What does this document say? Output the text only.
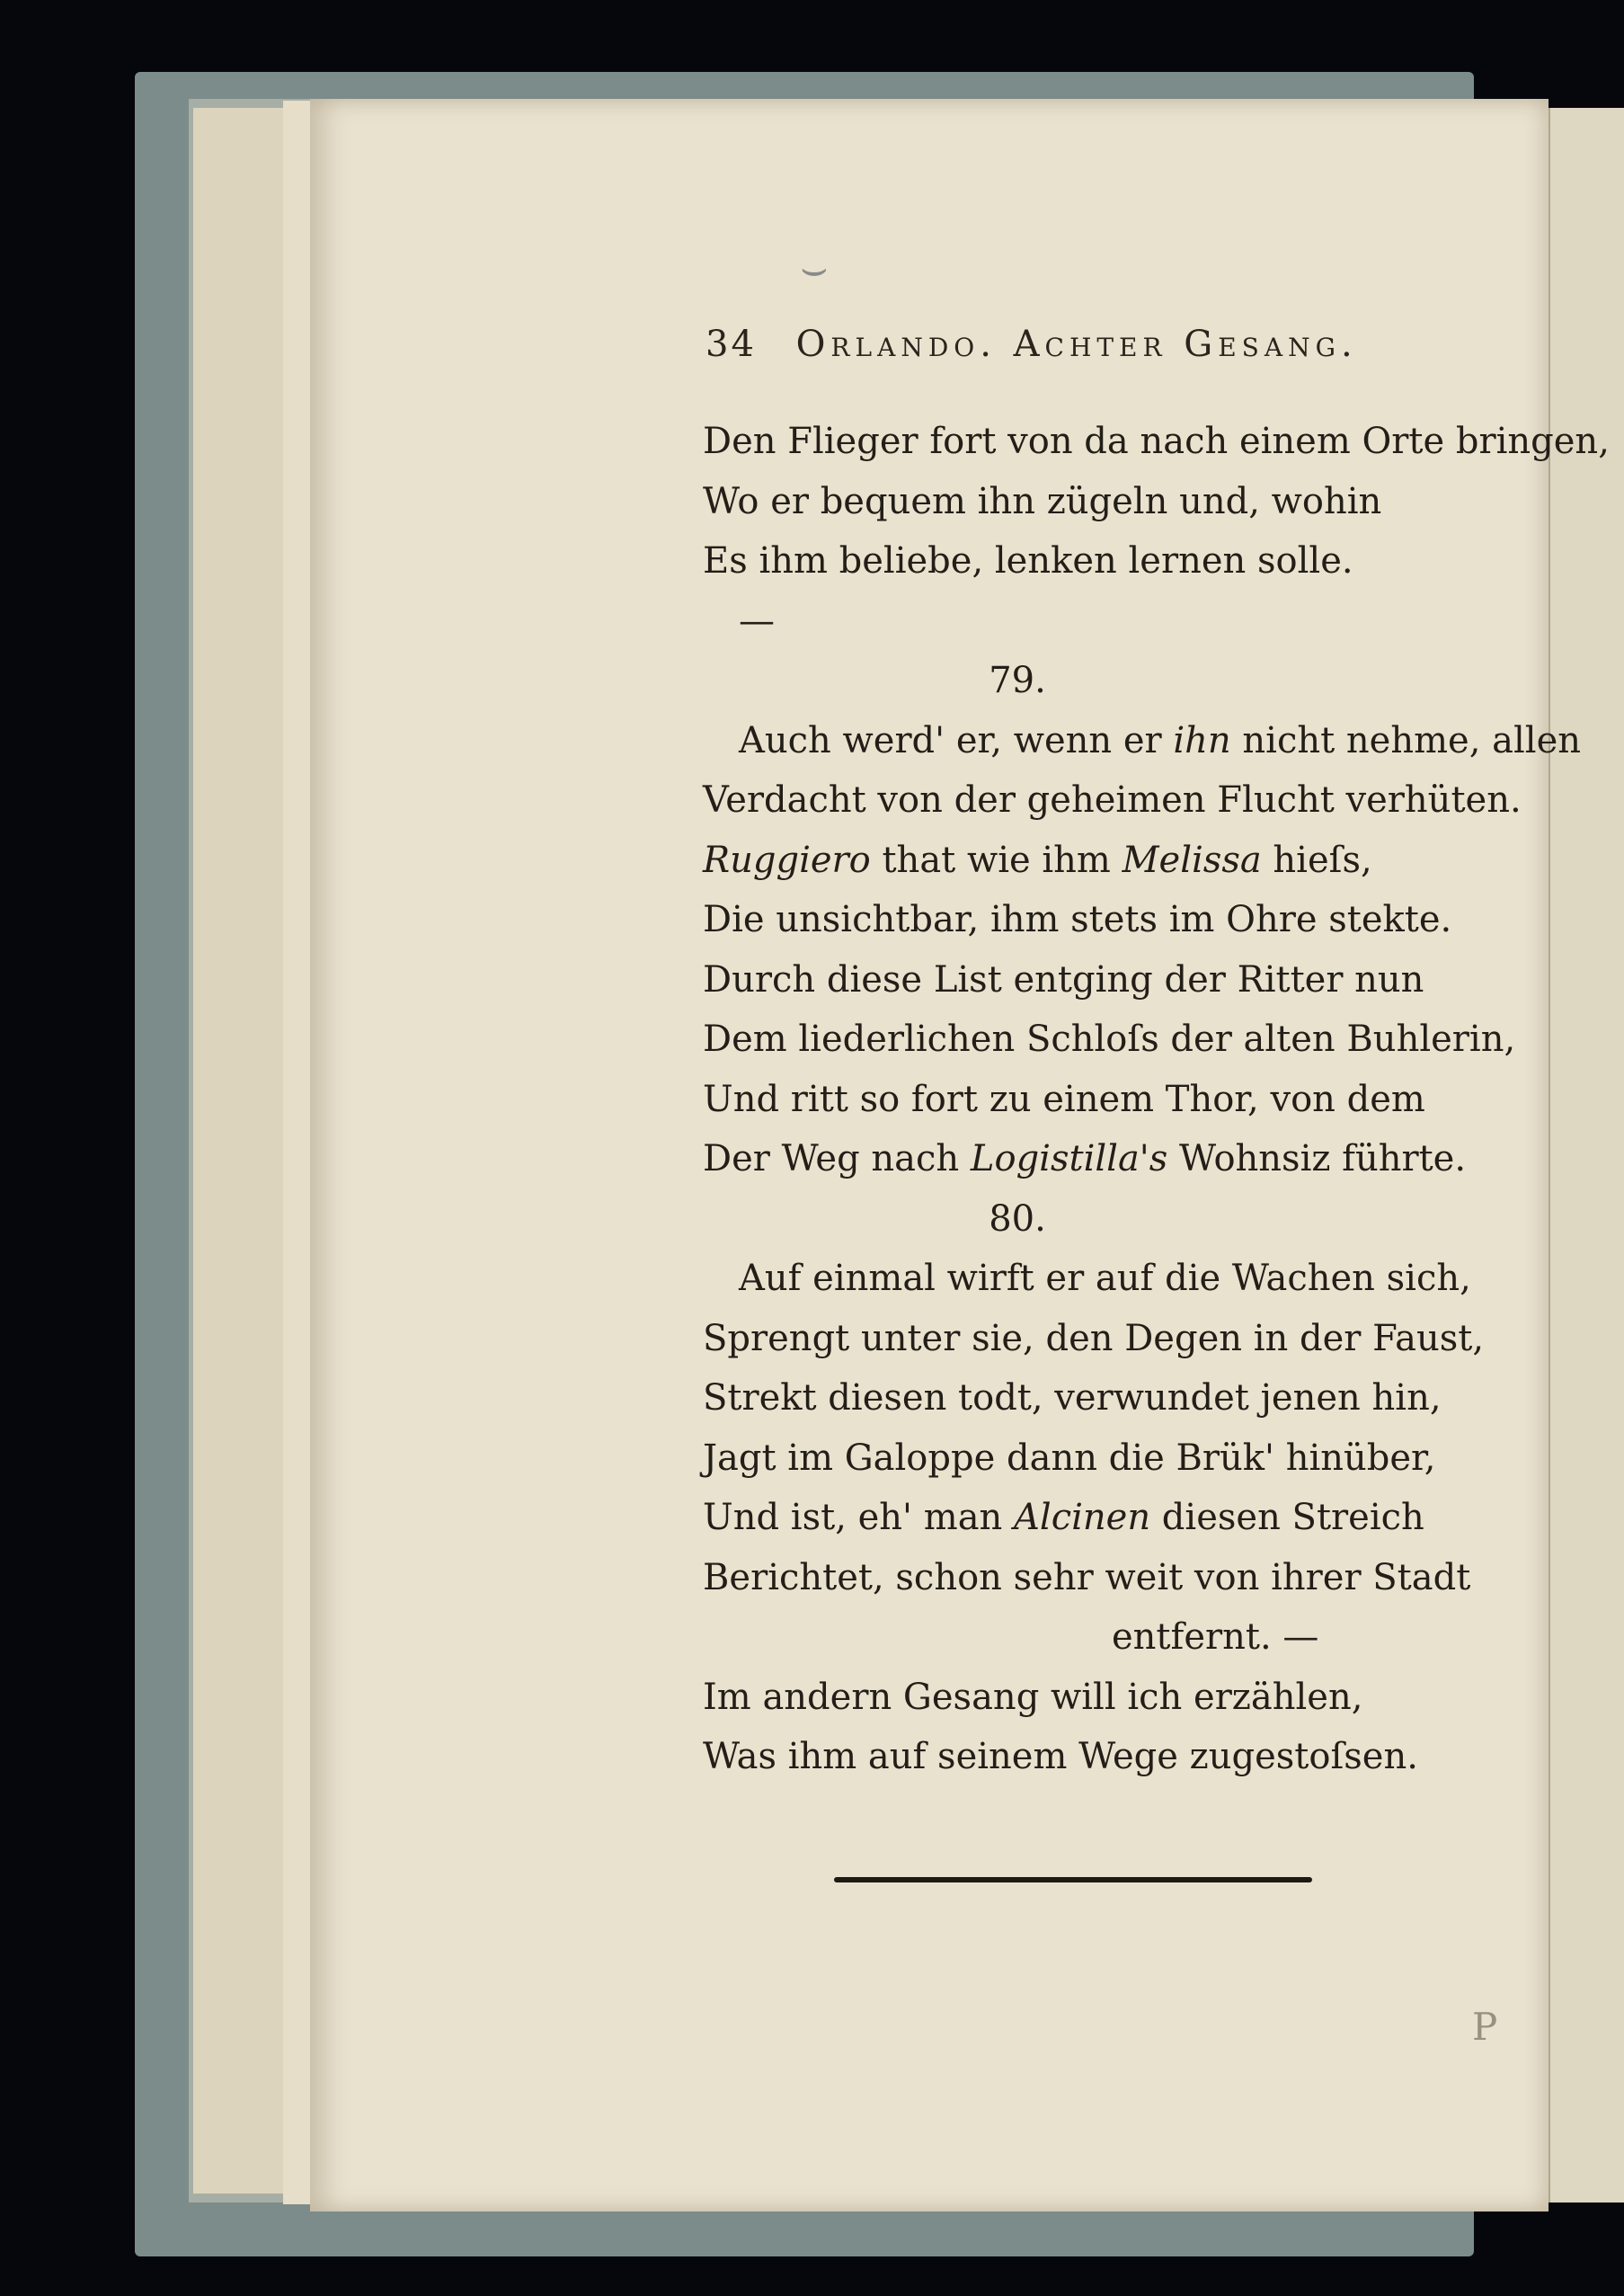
⌣
34 Orlando. Achter Gesang.
Den Flieger fort von da nach einem Orte bringen,
Wo er bequem ihn zügeln und, wohin
Es ihm beliebe, lenken lernen solle.
—
79.
Auch werd' er, wenn er ihn nicht nehme, allen
Verdacht von der geheimen Flucht verhüten.
Ruggiero that wie ihm Melissa hieſs,
Die unsichtbar, ihm stets im Ohre stekte.
Durch diese List entging der Ritter nun
Dem liederlichen Schloſs der alten Buhlerin,
Und ritt so fort zu einem Thor, von dem
Der Weg nach Logistilla's Wohnsiz führte.
80.
Auf einmal wirft er auf die Wachen sich,
Sprengt unter sie, den Degen in der Faust,
Strekt diesen todt, verwundet jenen hin,
Jagt im Galoppe dann die Brük' hinüber,
Und ist, eh' man Alcinen diesen Streich
Berichtet, schon sehr weit von ihrer Stadt
entfernt. —
Im andern Gesang will ich erzählen,
Was ihm auf seinem Wege zugestoſsen.
P
